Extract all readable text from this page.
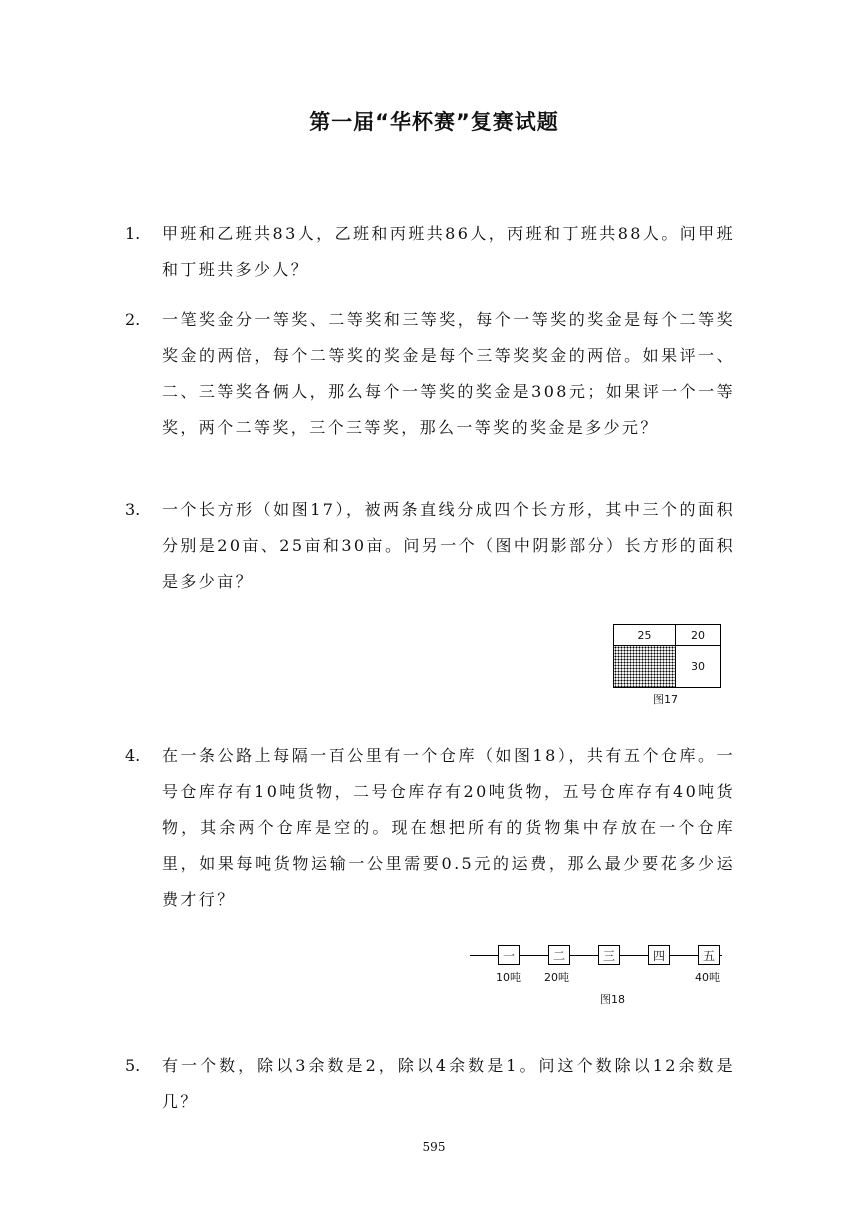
第一届“华杯赛”复赛试题
1. 甲班和乙班共83人，乙班和丙班共86人，丙班和丁班共88人。问甲班和丁班共多少人？
2. 一笔奖金分一等奖、二等奖和三等奖，每个一等奖的奖金是每个二等奖奖金的两倍，每个二等奖的奖金是每个三等奖奖金的两倍。如果评一、二、三等奖各俩人，那么每个一等奖的奖金是308元；如果评一个一等奖，两个二等奖，三个三等奖，那么一等奖的奖金是多少元？
3. 一个长方形（如图17），被两条直线分成四个长方形，其中三个的面积分别是20亩、25亩和30亩。问另一个（图中阴影部分）长方形的面积是多少亩？
25	20
30
图17
4. 在一条公路上每隔一百公里有一个仓库（如图18），共有五个仓库。一号仓库存有10吨货物，二号仓库存有20吨货物，五号仓库存有40吨货物，其余两个仓库是空的。现在想把所有的货物集中存放在一个仓库里，如果每吨货物运输一公里需要0.5元的运费，那么最少要花多少运费才行？
一	二	三	四	五
10吨 20吨	40吨
图18
5. 有一个数，除以3余数是2，除以4余数是1。问这个数除以12余数是几？
595
